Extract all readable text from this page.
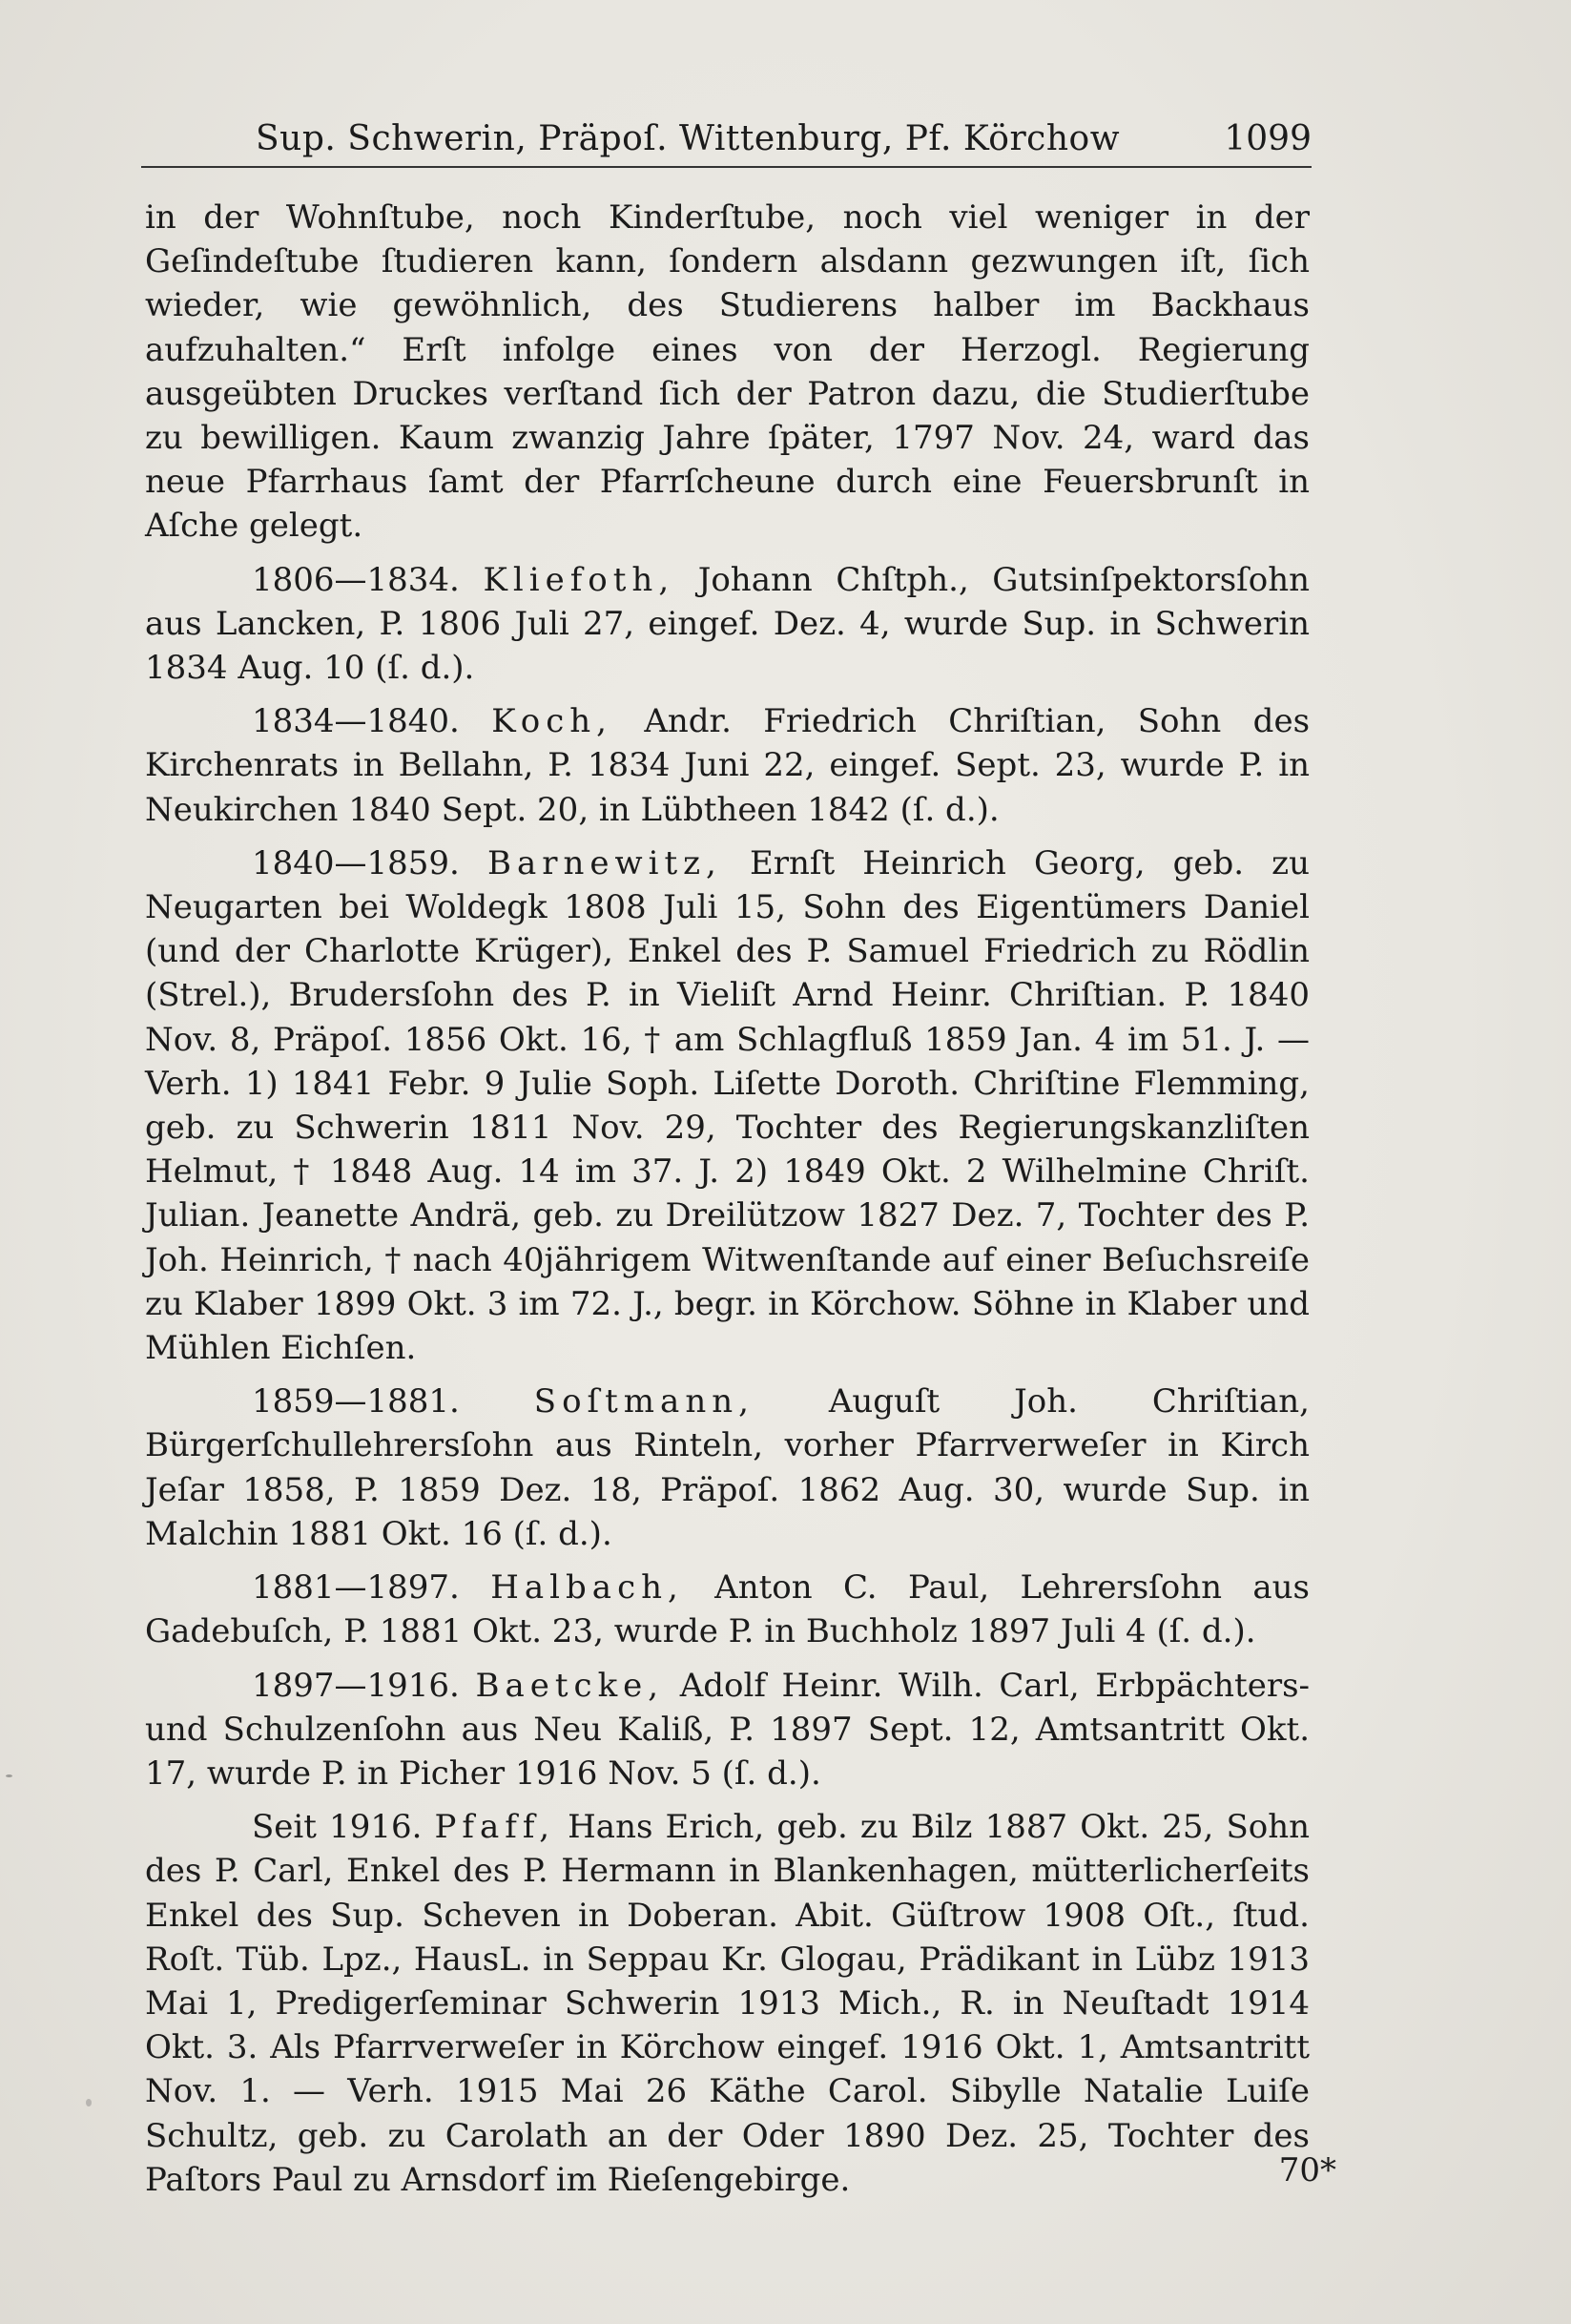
Sup. Schwerin, Präpoſ. Wittenburg, Pf. Körchow	1099

in der Wohnſtube, noch Kinderſtube, noch viel weniger in der Geſindeſtube ſtudieren kann, ſondern alsdann gezwungen iſt, ſich wieder, wie gewöhnlich, des Studierens halber im Backhaus aufzuhalten.“ Erſt infolge eines von der Herzogl. Regierung ausgeübten Druckes verſtand ſich der Patron dazu, die Studierſtube zu bewilligen. Kaum zwanzig Jahre ſpäter, 1797 Nov. 24, ward das neue Pfarrhaus ſamt der Pfarrſcheune durch eine Feuersbrunſt in Aſche gelegt.

1806—1834. Kliefoth, Johann Chſtph., Gutsinſpektorsſohn aus Lancken, P. 1806 Juli 27, eingef. Dez. 4, wurde Sup. in Schwerin 1834 Aug. 10 (ſ. d.).

1834—1840. Koch, Andr. Friedrich Chriſtian, Sohn des Kirchenrats in Bellahn, P. 1834 Juni 22, eingef. Sept. 23, wurde P. in Neukirchen 1840 Sept. 20, in Lübtheen 1842 (ſ. d.).

1840—1859. Barnewitz, Ernſt Heinrich Georg, geb. zu Neugarten bei Woldegk 1808 Juli 15, Sohn des Eigentümers Daniel (und der Charlotte Krüger), Enkel des P. Samuel Friedrich zu Rödlin (Strel.), Brudersſohn des P. in Vieliſt Arnd Heinr. Chriſtian. P. 1840 Nov. 8, Präpoſ. 1856 Okt. 16, † am Schlagfluß 1859 Jan. 4 im 51. J. — Verh. 1) 1841 Febr. 9 Julie Soph. Liſette Doroth. Chriſtine Flemming, geb. zu Schwerin 1811 Nov. 29, Tochter des Regierungskanzliſten Helmut, † 1848 Aug. 14 im 37. J. 2) 1849 Okt. 2 Wilhelmine Chriſt. Julian. Jeanette Andrä, geb. zu Dreilützow 1827 Dez. 7, Tochter des P. Joh. Heinrich, † nach 40jährigem Witwenſtande auf einer Beſuchsreiſe zu Klaber 1899 Okt. 3 im 72. J., begr. in Körchow. Söhne in Klaber und Mühlen Eichſen.

1859—1881. Soſtmann, Auguſt Joh. Chriſtian, Bürgerſchullehrersſohn aus Rinteln, vorher Pfarrverweſer in Kirch Jeſar 1858, P. 1859 Dez. 18, Präpoſ. 1862 Aug. 30, wurde Sup. in Malchin 1881 Okt. 16 (ſ. d.).

1881—1897. Halbach, Anton C. Paul, Lehrersſohn aus Gadebuſch, P. 1881 Okt. 23, wurde P. in Buchholz 1897 Juli 4 (ſ. d.).

1897—1916. Baetcke, Adolf Heinr. Wilh. Carl, Erbpächters- und Schulzenſohn aus Neu Kaliß, P. 1897 Sept. 12, Amtsantritt Okt. 17, wurde P. in Picher 1916 Nov. 5 (ſ. d.).

Seit 1916. Pfaff, Hans Erich, geb. zu Bilz 1887 Okt. 25, Sohn des P. Carl, Enkel des P. Hermann in Blankenhagen, mütterlicherſeits Enkel des Sup. Scheven in Doberan. Abit. Güſtrow 1908 Oſt., ſtud. Roſt. Tüb. Lpz., HausL. in Seppau Kr. Glogau, Prädikant in Lübz 1913 Mai 1, Predigerſeminar Schwerin 1913 Mich., R. in Neuſtadt 1914 Okt. 3. Als Pfarrverweſer in Körchow eingef. 1916 Okt. 1, Amtsantritt Nov. 1. — Verh. 1915 Mai 26 Käthe Carol. Sibylle Natalie Luiſe Schultz, geb. zu Carolath an der Oder 1890 Dez. 25, Tochter des Paſtors Paul zu Arnsdorf im Rieſengebirge.	70*
